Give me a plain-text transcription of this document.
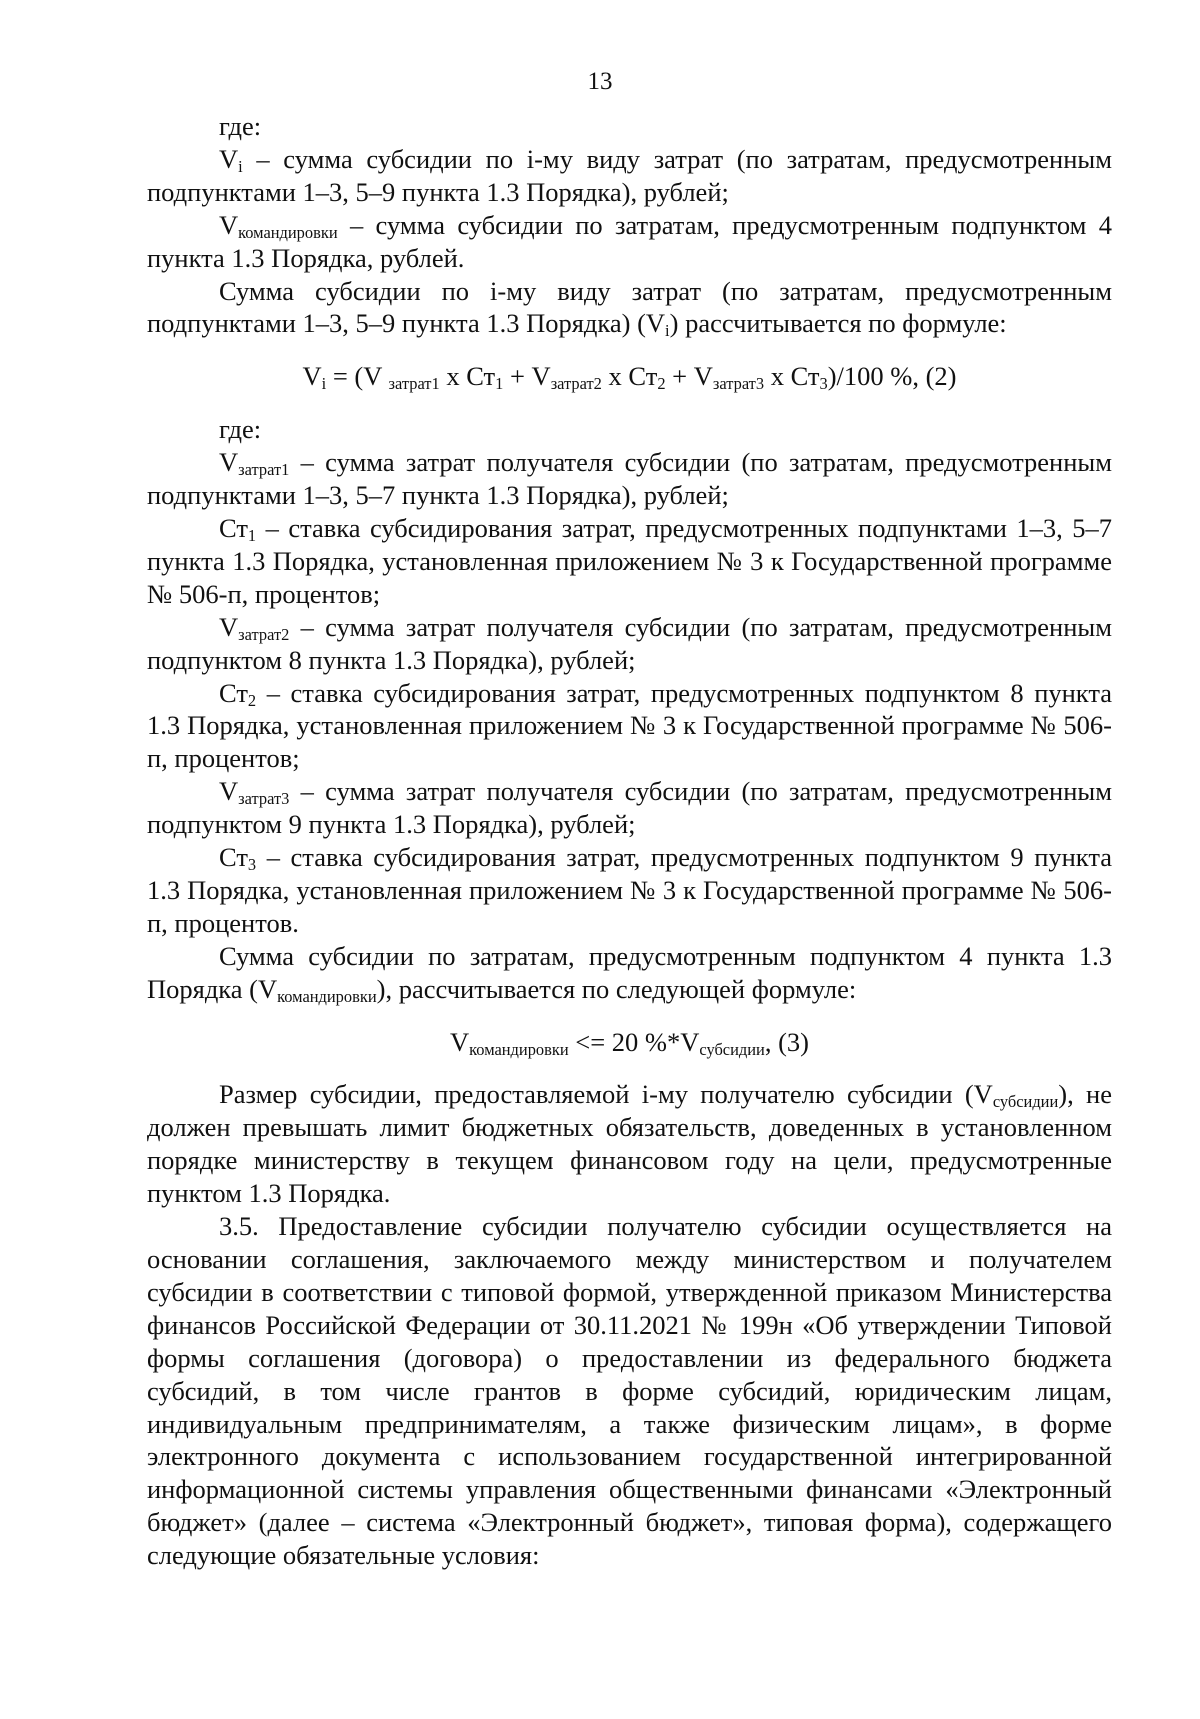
13

где:

$V_i$ – сумма субсидии по i-му виду затрат (по затратам, предусмотренным подпунктами 1–3, 5–9 пункта 1.3 Порядка), рублей;

$V_{командировки}$ – сумма субсидии по затратам, предусмотренным подпунктом 4 пункта 1.3 Порядка, рублей.

Сумма субсидии по i-му виду затрат (по затратам, предусмотренным подпунктами 1–3, 5–9 пункта 1.3 Порядка) $(V_i)$ рассчитывается по формуле:

$V_i = (V$ $_{затрат1}$ x $Ст_1 + V_{затрат2}$ x $Ст_2 + V_{затрат3}$ x $Ст_3)/100$ %, (2)

где:

$V_{затрат1}$ – сумма затрат получателя субсидии (по затратам, предусмотренным подпунктами 1–3, 5–7 пункта 1.3 Порядка), рублей;

$Ст_1$ – ставка субсидирования затрат, предусмотренных подпунктами 1–3, 5–7 пункта 1.3 Порядка, установленная приложением № 3 к Государственной программе № 506-п, процентов;

$V_{затрат2}$ – сумма затрат получателя субсидии (по затратам, предусмотренным подпунктом 8 пункта 1.3 Порядка), рублей;

$Ст_2$ – ставка субсидирования затрат, предусмотренных подпунктом 8 пункта 1.3 Порядка, установленная приложением № 3 к Государственной программе № 506-п, процентов;

$V_{затрат3}$ – сумма затрат получателя субсидии (по затратам, предусмотренным подпунктом 9 пункта 1.3 Порядка), рублей;

$Ст_3$ – ставка субсидирования затрат, предусмотренных подпунктом 9 пункта 1.3 Порядка, установленная приложением № 3 к Государственной программе № 506-п, процентов.

Сумма субсидии по затратам, предусмотренным подпунктом 4 пункта 1.3 Порядка $(V_{командировки})$, рассчитывается по следующей формуле:

$V_{командировки} <= 20$ $\%*V_{субсидии}$, (3)

Размер субсидии, предоставляемой i-му получателю субсидии $(V_{субсидии})$, не должен превышать лимит бюджетных обязательств, доведенных в установленном порядке министерству в текущем финансовом году на цели, предусмотренные пунктом 1.3 Порядка.

3.5. Предоставление субсидии получателю субсидии осуществляется на основании соглашения, заключаемого между министерством и получателем субсидии в соответствии с типовой формой, утвержденной приказом Министерства финансов Российской Федерации от 30.11.2021 № 199н «Об утверждении Типовой формы соглашения (договора) о предоставлении из федерального бюджета субсидий, в том числе грантов в форме субсидий, юридическим лицам, индивидуальным предпринимателям, а также физическим лицам», в форме электронного документа с использованием государственной интегрированной информационной системы управления общественными финансами «Электронный бюджет» (далее – система «Электронный бюджет», типовая форма), содержащего следующие обязательные условия:
